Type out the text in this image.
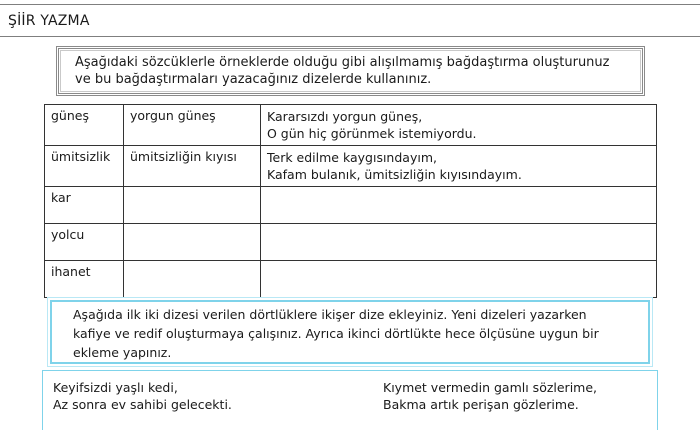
ŞİİR YAZMA

Aşağıdaki sözcüklerle örneklerde olduğu gibi alışılmamış bağdaştırma oluşturunuz
ve bu bağdaştırmaları yazacağınız dizelerde kullanınız.

güneş	yorgun güneş	Kararsızdı yorgun güneş,
O gün hiç görünmek istemiyordu.

ümitsizlik	ümitsizliğin kıyısı	Terk edilme kaygısındayım,
Kafam bulanık, ümitsizliğin kıyısındayım.

kar		

yolcu		

ihanet		

Aşağıda ilk iki dizesi verilen dörtlüklere ikişer dize ekleyiniz. Yeni dizeleri yazarken
kafiye ve redif oluşturmaya çalışınız. Ayrıca ikinci dörtlükte hece ölçüsüne uygun bir
ekleme yapınız.

Keyifsizdi yaşlı kedi,
Az sonra ev sahibi gelecekti.
Kıymet vermedin gamlı sözlerime,
Bakma artık perişan gözlerime.
